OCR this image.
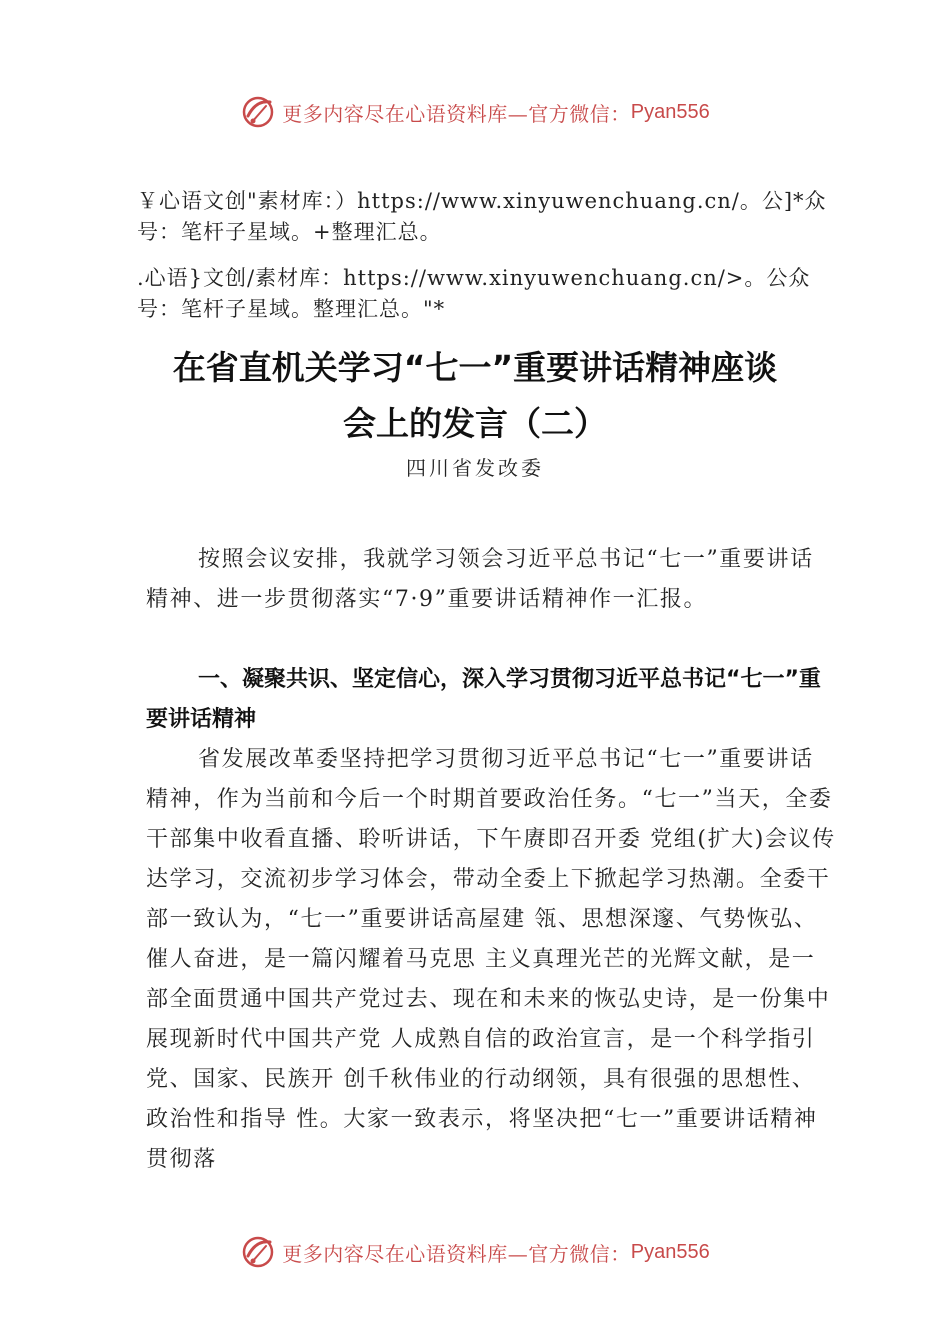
更多内容尽在心语资料库—官方微信： Pyan556
￥心语文创"素材库：）https://www.xinyuwenchuang.cn/。公]*众号：笔杆子星域。+整理汇总。
.心语}文创/素材库：https://www.xinyuwenchuang.cn/>。公众号：笔杆子星域。整理汇总。"*
在省直机关学习“七一”重要讲话精神座谈
会上的发言（二）
四川省发改委
按照会议安排，我就学习领会习近平总书记“七一”重要讲话精神、进一步贯彻落实“7·9”重要讲话精神作一汇报。
一、凝聚共识、坚定信心，深入学习贯彻习近平总书记“七一”重要讲话精神
省发展改革委坚持把学习贯彻习近平总书记“七一”重要讲话精神，作为当前和今后一个时期首要政治任务。“七一”当天，全委干部集中收看直播、聆听讲话，下午赓即召开委 党组(扩大)会议传达学习，交流初步学习体会，带动全委上下掀起学习热潮。全委干部一致认为，“七一”重要讲话高屋建 瓴、思想深邃、气势恢弘、催人奋进，是一篇闪耀着马克思 主义真理光芒的光辉文献，是一部全面贯通中国共产党过去、现在和未来的恢弘史诗，是一份集中展现新时代中国共产党 人成熟自信的政治宣言，是一个科学指引党、国家、民族开 创千秋伟业的行动纲领，具有很强的思想性、政治性和指导 性。大家一致表示，将坚决把“七一”重要讲话精神贯彻落
更多内容尽在心语资料库—官方微信： Pyan556
